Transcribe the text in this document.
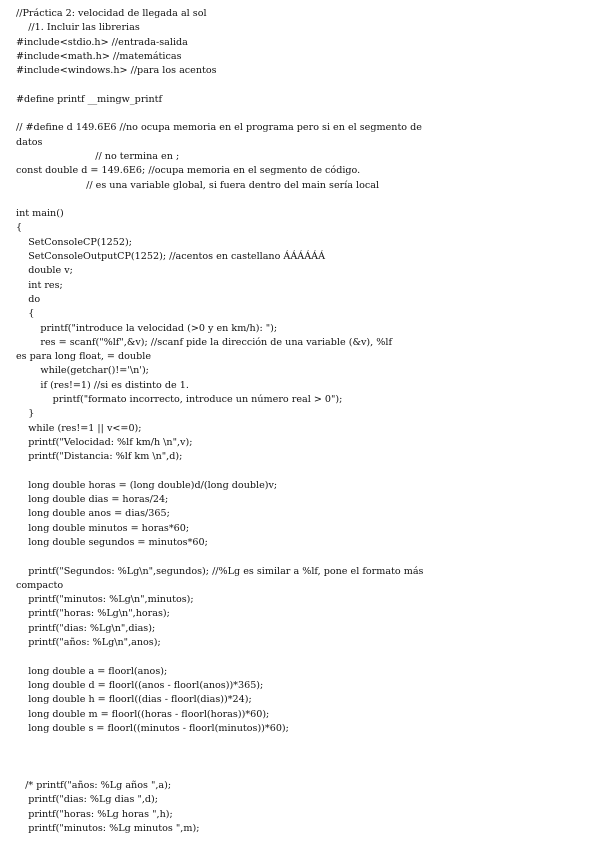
//Práctica 2: velocidad de llegada al sol
//1. Incluir las librerias
#include<stdio.h> //entrada-salida
#include<math.h> //matemáticas
#include<windows.h> //para los acentos
#define printf __mingw_printf
// #define d 149.6E6 //no ocupa memoria en el programa pero si en el segmento de
datos
// no termina en ;
const double d = 149.6E6; //ocupa memoria en el segmento de código.
// es una variable global, si fuera dentro del main sería local
int main()
{
SetConsoleCP(1252);
SetConsoleOutputCP(1252); //acentos en castellano ÁÁÁÁÁÁ
double v;
int res;
do
{
printf("introduce la velocidad (>0 y en km/h): ");
res = scanf("%lf",&v); //scanf pide la dirección de una variable (&v), %lf
es para long float, = double
while(getchar()!='\n');
if (res!=1) //si es distinto de 1.
printf("formato incorrecto, introduce un número real > 0");
}
while (res!=1 || v<=0);
printf("Velocidad: %lf km/h \n",v);
printf("Distancia: %lf km \n",d);
long double horas = (long double)d/(long double)v;
long double dias = horas/24;
long double anos = dias/365;
long double minutos = horas*60;
long double segundos = minutos*60;
printf("Segundos: %Lg\n",segundos); //%Lg es similar a %lf, pone el formato más
compacto
printf("minutos: %Lg\n",minutos);
printf("horas: %Lg\n",horas);
printf("dias: %Lg\n",dias);
printf("años: %Lg\n",anos);
long double a = floorl(anos);
long double d = floorl((anos - floorl(anos))*365);
long double h = floorl((dias - floorl(dias))*24);
long double m = floorl((horas - floorl(horas))*60);
long double s = floorl((minutos - floorl(minutos))*60);
/* printf("años: %Lg años ",a);
printf("dias: %Lg dias ",d);
printf("horas: %Lg horas ",h);
printf("minutos: %Lg minutos ",m);
